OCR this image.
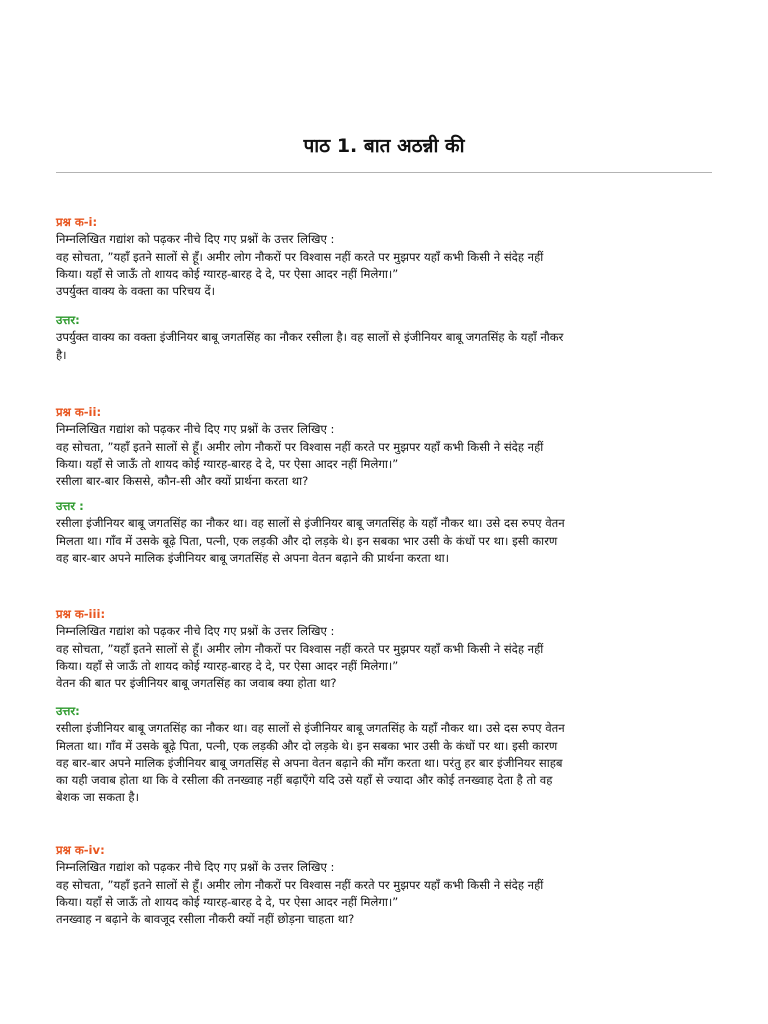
पाठ 1. बात अठन्नी की
प्रश्न क-i:
निम्नलिखित गद्यांश को पढ़कर नीचे दिए गए प्रश्नों के उत्तर लिखिए :
वह सोचता, ”यहाँ इतने सालों से हूँ। अमीर लोग नौकरों पर विश्वास नहीं करते पर मुझपर यहाँ कभी किसी ने संदेह नहीं
किया। यहाँ से जाऊँ तो शायद कोई ग्यारह-बारह दे दे, पर ऐसा आदर नहीं मिलेगा।”
उपर्युक्त वाक्य के वक्ता का परिचय दें।
उत्तर:
उपर्युक्त वाक्य का वक्ता इंजीनियर बाबू जगतसिंह का नौकर रसीला है। वह सालों से इंजीनियर बाबू जगतसिंह के यहाँ नौकर
है।
प्रश्न क-ii:
निम्नलिखित गद्यांश को पढ़कर नीचे दिए गए प्रश्नों के उत्तर लिखिए :
वह सोचता, ”यहाँ इतने सालों से हूँ। अमीर लोग नौकरों पर विश्वास नहीं करते पर मुझपर यहाँ कभी किसी ने संदेह नहीं
किया। यहाँ से जाऊँ तो शायद कोई ग्यारह-बारह दे दे, पर ऐसा आदर नहीं मिलेगा।”
रसीला बार-बार किससे, कौन-सी और क्यों प्रार्थना करता था?
उत्तर :
रसीला इंजीनियर बाबू जगतसिंह का नौकर था। वह सालों से इंजीनियर बाबू जगतसिंह के यहाँ नौकर था। उसे दस रुपए वेतन
मिलता था। गाँव में उसके बूढ़े पिता, पत्नी, एक लड़की और दो लड़के थे। इन सबका भार उसी के कंधों पर था। इसी कारण
वह बार-बार अपने मालिक इंजीनियर बाबू जगतसिंह से अपना वेतन बढ़ाने की प्रार्थना करता था।
प्रश्न क-iii:
निम्नलिखित गद्यांश को पढ़कर नीचे दिए गए प्रश्नों के उत्तर लिखिए :
वह सोचता, ”यहाँ इतने सालों से हूँ। अमीर लोग नौकरों पर विश्वास नहीं करते पर मुझपर यहाँ कभी किसी ने संदेह नहीं
किया। यहाँ से जाऊँ तो शायद कोई ग्यारह-बारह दे दे, पर ऐसा आदर नहीं मिलेगा।”
वेतन की बात पर इंजीनियर बाबू जगतसिंह का जवाब क्या होता था?
उत्तर:
रसीला इंजीनियर बाबू जगतसिंह का नौकर था। वह सालों से इंजीनियर बाबू जगतसिंह के यहाँ नौकर था। उसे दस रुपए वेतन
मिलता था। गाँव में उसके बूढ़े पिता, पत्नी, एक लड़की और दो लड़के थे। इन सबका भार उसी के कंधों पर था। इसी कारण
वह बार-बार अपने मालिक इंजीनियर बाबू जगतसिंह से अपना वेतन बढ़ाने की माँग करता था। परंतु हर बार इंजीनियर साहब
का यही जवाब होता था कि वे रसीला की तनख्वाह नहीं बढ़ाएँगे यदि उसे यहाँ से ज्यादा और कोई तनख्वाह देता है तो वह
बेशक जा सकता है।
प्रश्न क-iv:
निम्नलिखित गद्यांश को पढ़कर नीचे दिए गए प्रश्नों के उत्तर लिखिए :
वह सोचता, ”यहाँ इतने सालों से हूँ। अमीर लोग नौकरों पर विश्वास नहीं करते पर मुझपर यहाँ कभी किसी ने संदेह नहीं
किया। यहाँ से जाऊँ तो शायद कोई ग्यारह-बारह दे दे, पर ऐसा आदर नहीं मिलेगा।”
तनख्वाह न बढ़ाने के बावजूद रसीला नौकरी क्यों नहीं छोड़ना चाहता था?
